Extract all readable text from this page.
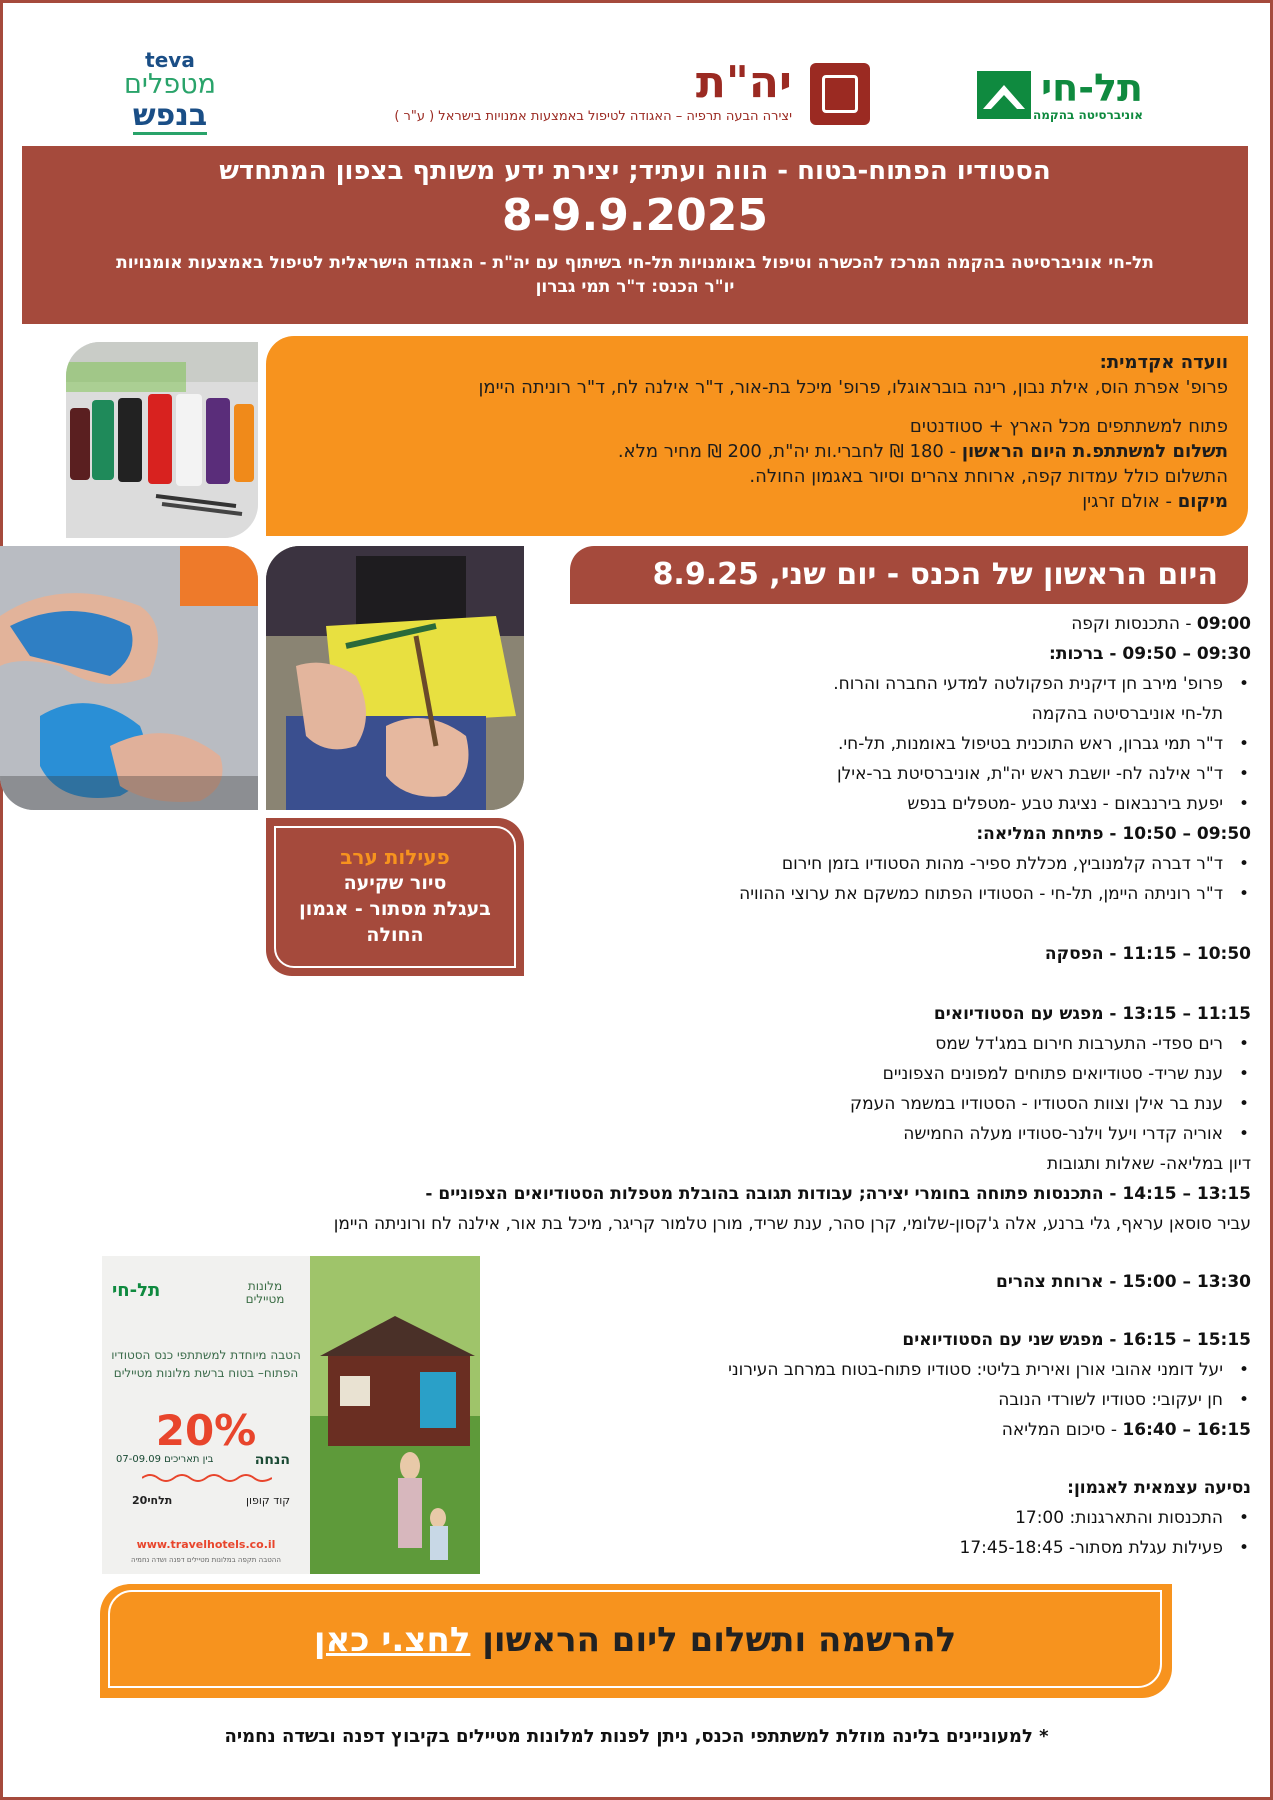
תל-חי
אוניברסיטה בהקמה
יה"ת
יצירה הבעה תרפיה – האגודה לטיפול באמצעות אמנויות בישראל ( ע"ר )
teva
מטפלים
בנפש
הסטודיו הפתוח-בטוח - הווה ועתיד; יצירת ידע משותף בצפון המתחדש
8-9.9.2025
תל-חי אוניברסיטה בהקמה המרכז להכשרה וטיפול באומנויות תל-חי בשיתוף עם יה"ת - האגודה הישראלית לטיפול באמצעות אומנויות
יו"ר הכנס: ד"ר תמי גברון
וועדה אקדמית:
פרופ' אפרת הוס, אילת נבון, רינה בובראוגלו, פרופ' מיכל בת-אור, ד"ר אילנה לח, ד"ר רוניתה היימן
פתוח למשתתפים מכל הארץ + סטודנטים
תשלום למשתתפ.ת היום הראשון - 180 ₪ לחברי.ות יה"ת, 200 ₪ מחיר מלא.
התשלום כולל עמדות קפה, ארוחת צהרים וסיור באגמון החולה.
מיקום - אולם זרגין
פעילות ערב
סיור שקיעה
בעגלת מסתור - אגמון
החולה
היום הראשון של הכנס - יום שני, 8.9.25
09:00 - התכנסות וקפה
09:30 – 09:50 - ברכות:
• פרופ' מירב חן דיקנית הפקולטה למדעי החברה והרוח.
תל-חי אוניברסיטה בהקמה
• ד"ר תמי גברון, ראש התוכנית בטיפול באומנות, תל-חי.
• ד"ר אילנה לח- יושבת ראש יה"ת, אוניברסיטת בר-אילן
• יפעת בירנבאום - נציגת טבע -מטפלים בנפש
09:50 – 10:50 - פתיחת המליאה:
• ד"ר דברה קלמנוביץ, מכללת ספיר- מהות הסטודיו בזמן חירום
• ד"ר רוניתה היימן, תל-חי - הסטודיו הפתוח כמשקם את ערוצי ההוויה
10:50 – 11:15 - הפסקה
11:15 – 13:15 - מפגש עם הסטודיואים
• רים ספדי- התערבות חירום במג'דל שמס
• ענת שריד- סטודיואים פתוחים למפונים הצפוניים
• ענת בר אילן וצוות הסטודיו - הסטודיו במשמר העמק
• אוריה קדרי ויעל וילנר-סטודיו מעלה החמישה
דיון במליאה- שאלות ותגובות
13:15 – 14:15 - התכנסות פתוחה בחומרי יצירה; עבודות תגובה בהובלת מטפלות הסטודיואים הצפוניים -
עביר סוסאן עראף, גלי ברנע, אלה ג'קסון-שלומי, קרן סהר, ענת שריד, מורן טלמור קריגר, מיכל בת אור, אילנה לח ורוניתה היימן
13:30 – 15:00 - ארוחת צהרים
15:15 – 16:15 - מפגש שני עם הסטודיואים
• יעל דומני אהובי אורן ואירית בליטי: סטודיו פתוח-בטוח במרחב העירוני
• חן יעקובי: סטודיו לשורדי הנובה
16:15 – 16:40 - סיכום המליאה
נסיעה עצמאית לאגמון:
• התכנסות והתארגנות: 17:00
• פעילות עגלת מסתור- 17:45-18:45
תל-חי	מלונות מטיילים
הטבה מיוחדת למשתתפי כנס הסטודיו הפתוח– בטוח ברשת מלונות מטיילים
20%
הנחה
בין תאריכים 07-09.09
קוד קופון
תלחי20
www.travelhotels.co.il
ההטבה תקפה במלונות מטיילים דפנה ושדה נחמיה
להרשמה ותשלום ליום הראשון לחצ.י כאן
* למעוניינים בלינה מוזלת למשתתפי הכנס, ניתן לפנות למלונות מטיילים בקיבוץ דפנה ובשדה נחמיה
